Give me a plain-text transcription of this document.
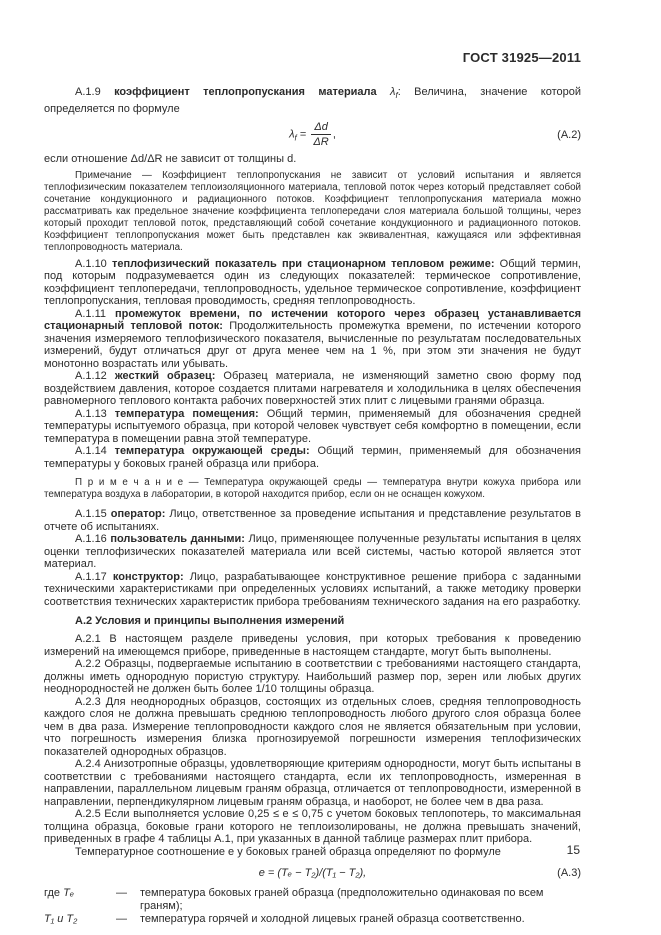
ГОСТ 31925—2011

А.1.9 коэффициент теплопропускания материала $\lambda_f$: Величина, значение которой определяется по формуле

$\lambda_f = \frac{\Delta d}{\Delta R}$ ,	(А.2)

если отношение Δd/ΔR не зависит от толщины d.

Примечание — Коэффициент теплопропускания не зависит от условий испытания и является теплофизическим показателем теплоизоляционного материала, тепловой поток через который представляет собой сочетание кондукционного и радиационного потоков. Коэффициент теплопропускания материала можно рассматривать как предельное значение коэффициента теплопередачи слоя материала большой толщины, через который проходит тепловой поток, представляющий собой сочетание кондукционного и радиационного потоков. Коэффициент теплопропускания может быть представлен как эквивалентная, кажущаяся или эффективная теплопроводность материала.

А.1.10 теплофизический показатель при стационарном тепловом режиме: Общий термин, под которым подразумевается один из следующих показателей: термическое сопротивление, коэффициент теплопередачи, теплопроводность, удельное термическое сопротивление, коэффициент теплопропускания, тепловая проводимость, средняя теплопроводность.

А.1.11 промежуток времени, по истечении которого через образец устанавливается стационарный тепловой поток: Продолжительность промежутка времени, по истечении которого значения измеряемого теплофизического показателя, вычисленные по результатам последовательных измерений, будут отличаться друг от друга менее чем на 1 %, при этом эти значения не будут монотонно возрастать или убывать.

А.1.12 жесткий образец: Образец материала, не изменяющий заметно свою форму под воздействием давления, которое создается плитами нагревателя и холодильника в целях обеспечения равномерного теплового контакта рабочих поверхностей этих плит с лицевыми гранями образца.

А.1.13 температура помещения: Общий термин, применяемый для обозначения средней температуры испытуемого образца, при которой человек чувствует себя комфортно в помещении, если температура в помещении равна этой температуре.

А.1.14 температура окружающей среды: Общий термин, применяемый для обозначения температуры у боковых граней образца или прибора.

П р и м е ч а н и е — Температура окружающей среды — температура внутри кожуха прибора или температура воздуха в лаборатории, в которой находится прибор, если он не оснащен кожухом.

А.1.15 оператор: Лицо, ответственное за проведение испытания и представление результатов в отчете об испытаниях.

А.1.16 пользователь данными: Лицо, применяющее полученные результаты испытания в целях оценки теплофизических показателей материала или всей системы, частью которой является этот материал.

А.1.17 конструктор: Лицо, разрабатывающее конструктивное решение прибора с заданными техническими характеристиками при определенных условиях испытаний, а также методику проверки соответствия технических характеристик прибора требованиям технического задания на его разработку.

А.2 Условия и принципы выполнения измерений

А.2.1 В настоящем разделе приведены условия, при которых требования к проведению измерений на имеющемся приборе, приведенные в настоящем стандарте, могут быть выполнены.

А.2.2 Образцы, подвергаемые испытанию в соответствии с требованиями настоящего стандарта, должны иметь однородную пористую структуру. Наибольший размер пор, зерен или любых других неоднородностей не должен быть более 1/10 толщины образца.

А.2.3 Для неоднородных образцов, состоящих из отдельных слоев, средняя теплопроводность каждого слоя не должна превышать среднюю теплопроводность любого другого слоя образца более чем в два раза. Измерение теплопроводности каждого слоя не является обязательным при условии, что погрешность измерения близка прогнозируемой погрешности измерения теплофизических показателей однородных образцов.

А.2.4 Анизотропные образцы, удовлетворяющие критериям однородности, могут быть испытаны в соответствии с требованиями настоящего стандарта, если их теплопроводность, измеренная в направлении, параллельном лицевым граням образца, отличается от теплопроводности, измеренной в направлении, перпендикулярном лицевым граням образца, и наоборот, не более чем в два раза.

А.2.5 Если выполняется условие 0,25 ≤ e ≤ 0,75 с учетом боковых теплопотерь, то максимальная толщина образца, боковые грани которого не теплоизолированы, не должна превышать значений, приведенных в графе 4 таблицы А.1, при указанных в данной таблице размерах плит прибора.

Температурное соотношение e у боковых граней образца определяют по формуле

e = (Tₑ − T₂)/(T₁ − T₂),	(А.3)
где Tₑ	—	температура боковых граней образца (предположительно одинаковая по всем граням);
T₁ и T₂	—	температура горячей и холодной лицевых граней образца соответственно.
15
